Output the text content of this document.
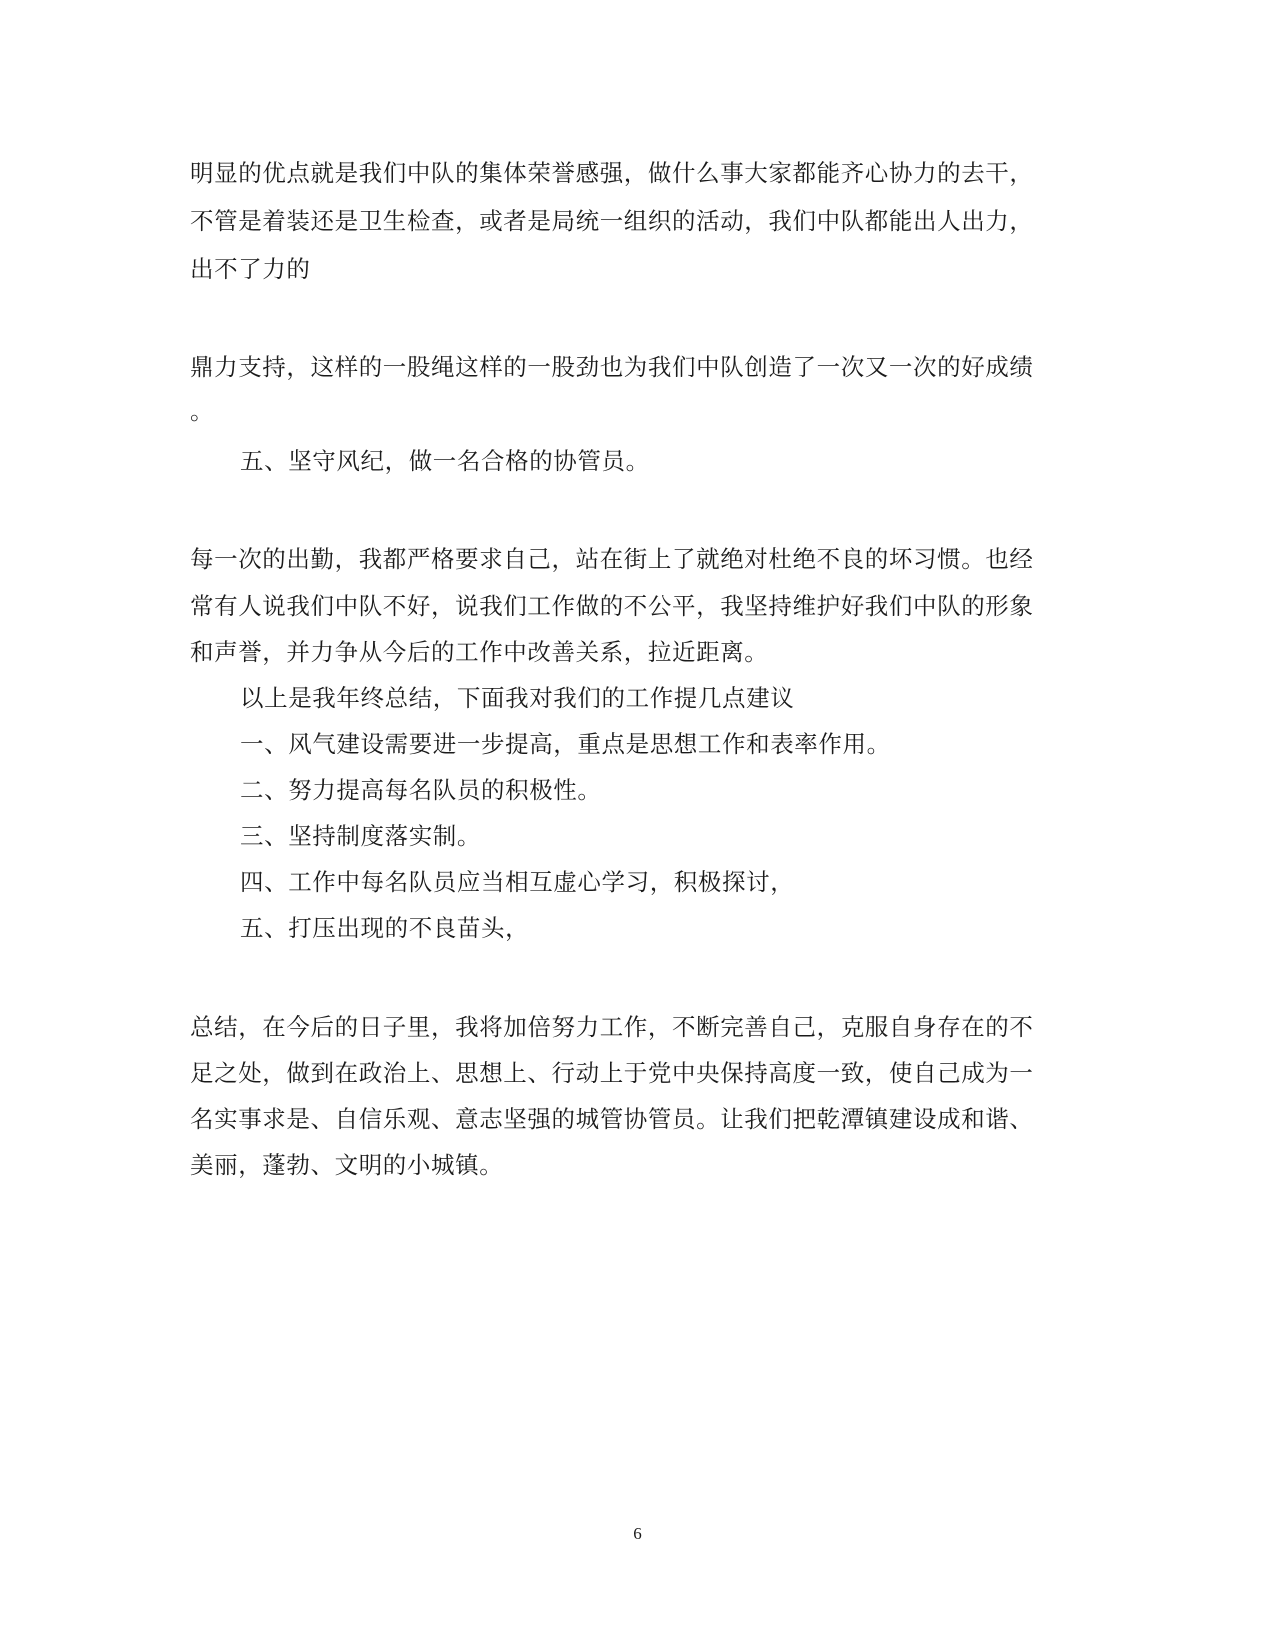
明显的优点就是我们中队的集体荣誉感强，做什么事大家都能齐心协力的去干，
不管是着装还是卫生检查，或者是局统一组织的活动，我们中队都能出人出力，
出不了力的
鼎力支持，这样的一股绳这样的一股劲也为我们中队创造了一次又一次的好成绩
。
五、坚守风纪，做一名合格的协管员。
每一次的出勤，我都严格要求自己，站在街上了就绝对杜绝不良的坏习惯。也经
常有人说我们中队不好，说我们工作做的不公平，我坚持维护好我们中队的形象
和声誉，并力争从今后的工作中改善关系，拉近距离。
以上是我年终总结，下面我对我们的工作提几点建议
一、风气建设需要进一步提高，重点是思想工作和表率作用。
二、努力提高每名队员的积极性。
三、坚持制度落实制。
四、工作中每名队员应当相互虚心学习，积极探讨，
五、打压出现的不良苗头，
总结，在今后的日子里，我将加倍努力工作，不断完善自己，克服自身存在的不
足之处，做到在政治上、思想上、行动上于党中央保持高度一致，使自己成为一
名实事求是、自信乐观、意志坚强的城管协管员。让我们把乾潭镇建设成和谐、
美丽，蓬勃、文明的小城镇。
6
